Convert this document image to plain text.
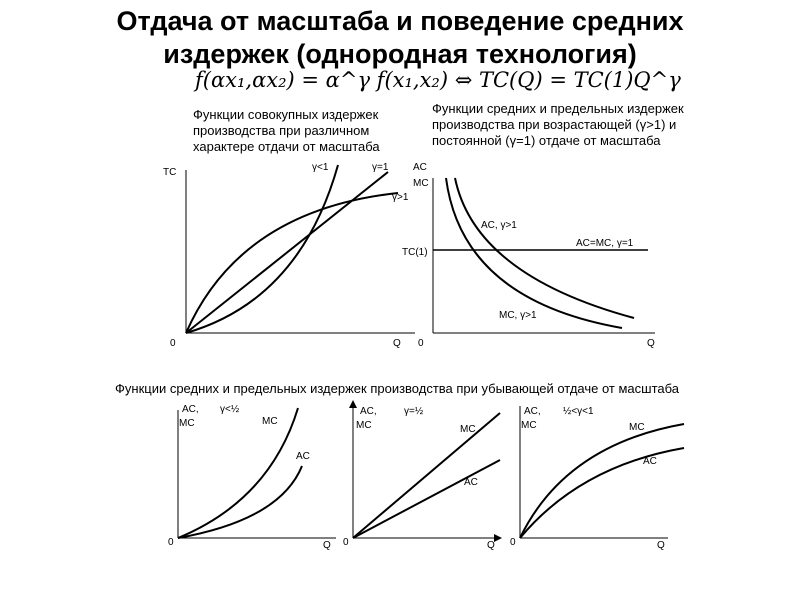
Отдача от масштаба и поведение средних
издержек (однородная технология)
f(αx₁,αx₂) = α^γ f(x₁,x₂) ⇔ TC(Q) = TC(1)Q^γ
Функции совокупных издержек производства при различном характере отдачи от масштаба
Функции средних и предельных издержек производства при возрастающей (γ>1) и постоянной (γ=1) отдаче от масштаба
Функции средних и предельных издержек производства при убывающей отдаче от масштаба
TC
Q
0
γ<1	γ=1
γ>1
AC
MC
Q
0
TC(1)
AC, γ>1
MC, γ>1
AC=MC, γ=1
AC,
MC
γ<½
MC
AC
Q
0
AC,
MC
γ=½
MC
AC
Q
0
AC,
MC
½<γ<1
MC
AC
Q
0
